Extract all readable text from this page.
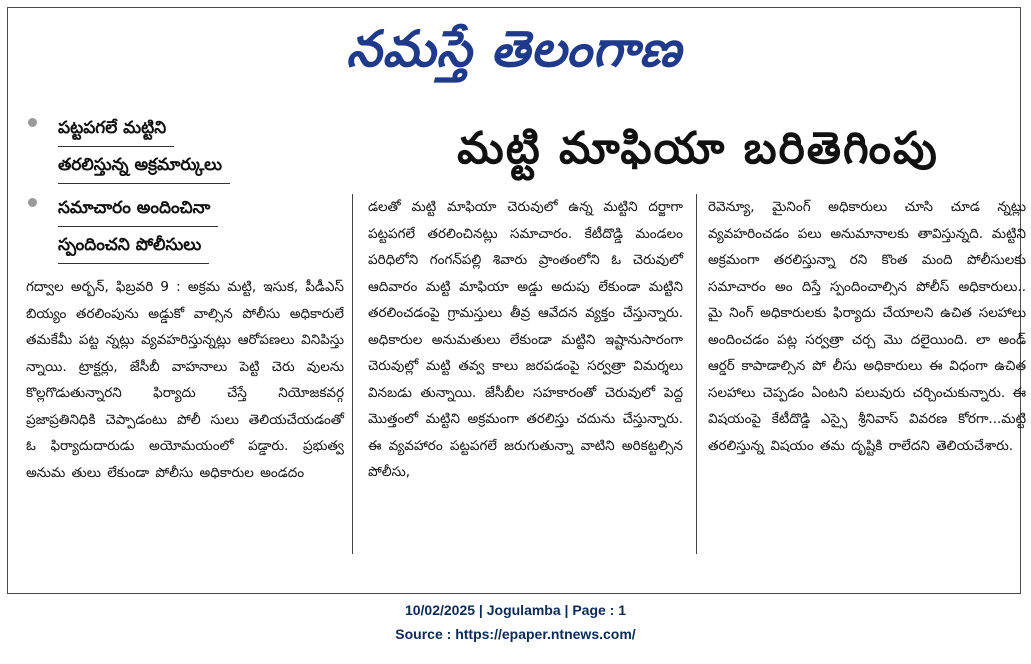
నమస్తే తెలంగాణ
పట్టపగలే మట్టిని
తరలిస్తున్న అక్రమార్కులు
సమాచారం అందించినా
స్పందించని పోలీసులు
మట్టి మాఫియా బరితెగింపు

గద్వాల అర్బన్, ఫిబ్రవరి 9 : అక్రమ మట్టి, ఇసుక, పీడీఎస్ బియ్యం తరలింపును అడ్డుకో వాల్సిన పోలీసు అధికారులే తమకేమీ పట్ట న్నట్లు వ్యవహరిస్తున్నట్లు ఆరోపణలు వినిపిస్తు న్నాయి. ట్రాక్టర్లు, జేసీబీ వాహనాలు పెట్టి చెరు వులను కొల్లగొడుతున్నారని ఫిర్యాదు చేస్తే నియోజకవర్గ ప్రజాప్రతినిధికి చెప్పాడంటు పోలీ సులు తెలియచేయడంతో ఓ ఫిర్యాదుదారుడు అయోమయంలో పడ్డారు. ప్రభుత్వ అనుమ తులు లేకుండా పోలీసు అధికారుల అండదం

డలతో మట్టి మాఫియా చెరువులో ఉన్న మట్టిని దర్జాగా పట్టపగలే తరలించినట్లు సమాచారం. కేటీదొడ్డి మండలం పరిధిలోని గంగన్‌పల్లి శివారు ప్రాంతంలోని ఓ చెరువులో ఆదివారం మట్టి మాఫియా అడ్డు అదుపు లేకుండా మట్టిని తరలించడంపై గ్రామస్తులు తీవ్ర ఆవేదన వ్యక్తం చేస్తున్నారు. అధికారుల అనుమతులు లేకుండా మట్టిని ఇష్టానుసారంగా చెరువుల్లో మట్టి తవ్వ కాలు జరపడంపై సర్వత్రా విమర్శలు వినబడు తున్నాయి. జేసీబీల సహకారంతో చెరువులో పెద్ద మొత్తంలో మట్టిని అక్రమంగా తరలిస్తు చదును చేస్తున్నారు. ఈ వ్యవహారం పట్టపగలే జరుగుతున్నా వాటిని అరికట్టల్సిన పోలీసు,

రెవెన్యూ, మైనింగ్ అధికారులు చూసి చూడ న్నట్లు వ్యవహరించడం పలు అనుమానాలకు తావిస్తున్నది. మట్టిని అక్రమంగా తరలిస్తున్నా రని కొంత మంది పోలీసులకు సమాచారం అం దిస్తే స్పందించాల్సిన పోలీస్ అధికారులు.. మై నింగ్ అధికారులకు ఫిర్యాదు చేయాలని ఉచిత సలహాలు అందించడం పట్ల సర్వత్రా చర్చ మొ దలైయింది. లా అండ్ ఆర్డర్ కాపాడాల్సిన పో లీసు అధికారులు ఈ విధంగా ఉచిత సలహాలు చెప్పడం ఏంటని పలువురు చర్చించుకున్నారు. ఈ విషయంపై కేటీదొడ్డి ఎస్సై శ్రీనివాస్ వివరణ కోరగా...మట్టి తరలిస్తున్న విషయం తమ దృష్టికి రాలేదని తెలియచేశారు.

10/02/2025 | Jogulamba | Page : 1
Source : https://epaper.ntnews.com/
